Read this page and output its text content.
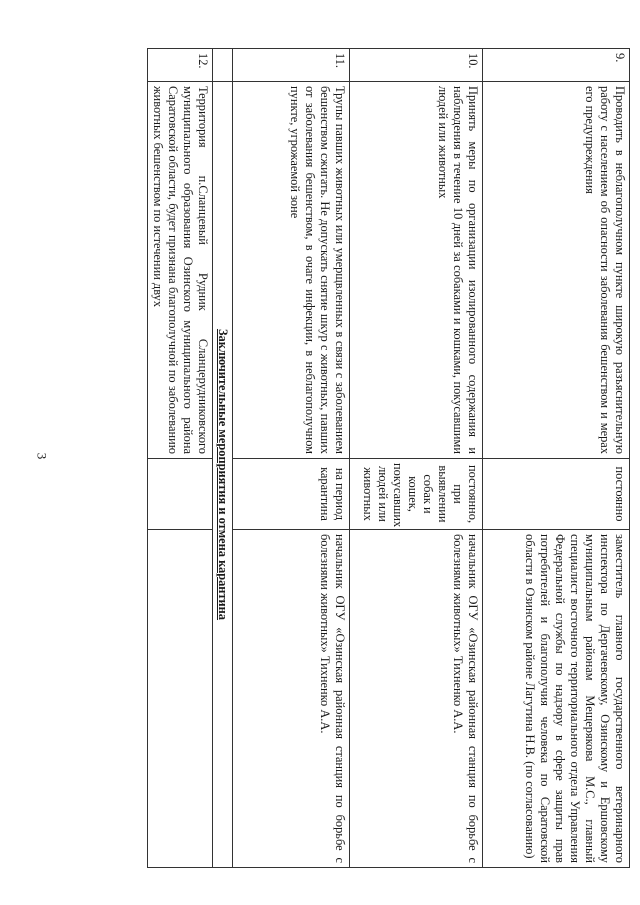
3
9.	Проводить в неблагополучном пункте широкую разъяснительную работу с населением об опасности заболевания бешенством и мерах его предупреждения	постоянно	заместитель главного государственного ветеринарного инспектора по Дергачевскому, Озинскому и Ершовскому муниципальным районам Мещерякова М.С., главный специалист восточного территориального отдела Управления Федеральной службы по надзору в сфере защиты прав потребителей и благополучия человека по Саратовской области в Озинском районе Лагутина Н.В. (по согласованию)
10.	Принять меры по организации изолированного содержания и наблюдения в течение 10 дней за собаками и кошками, покусавшими людей или животных	постоянно, при выявлении собак и кошек, покусавших людей или животных	начальник ОГУ «Озинская районная станция по борьбе с болезнями животных» Тихненко А.А.
11.	Трупы павших животных или умерщвленных в связи с заболеванием бешенством сжигать. Не допускать снятие шкур с животных, павших от заболевания бешенством, в очаге инфекции, в неблагополучном пункте, угрожаемой зоне	на период карантина	начальник ОГУ «Озинская районная станция по борьбе с болезнями животных» Тихненко А.А.
	Заключительные мероприятия и отмена карантина		
12.	Территория п.Сланцевый Рудник Сланцерудниковского муниципального образования Озинского муниципального района Саратовской области, будет признана благополучной по заболеванию животных бешенством по истечении двух		
